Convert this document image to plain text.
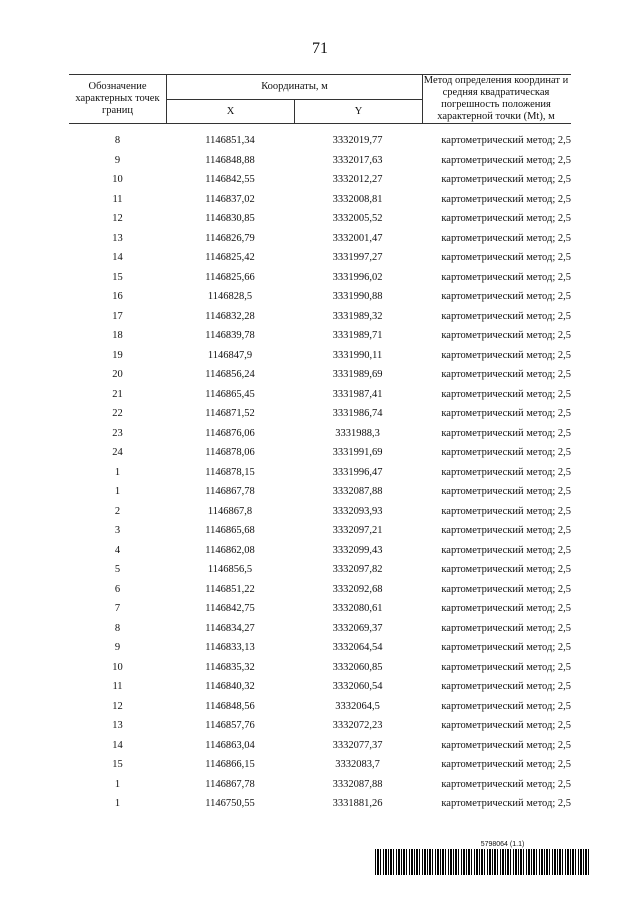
71
Обозначение характерных точек границ
Координаты, м
X	Y
Метод определения координат и средняя квадратическая погрешность положения характерной точки (Mt), м
8	1146851,34	3332019,77	картометрический метод; 2,5
9	1146848,88	3332017,63	картометрический метод; 2,5
10	1146842,55	3332012,27	картометрический метод; 2,5
11	1146837,02	3332008,81	картометрический метод; 2,5
12	1146830,85	3332005,52	картометрический метод; 2,5
13	1146826,79	3332001,47	картометрический метод; 2,5
14	1146825,42	3331997,27	картометрический метод; 2,5
15	1146825,66	3331996,02	картометрический метод; 2,5
16	1146828,5	3331990,88	картометрический метод; 2,5
17	1146832,28	3331989,32	картометрический метод; 2,5
18	1146839,78	3331989,71	картометрический метод; 2,5
19	1146847,9	3331990,11	картометрический метод; 2,5
20	1146856,24	3331989,69	картометрический метод; 2,5
21	1146865,45	3331987,41	картометрический метод; 2,5
22	1146871,52	3331986,74	картометрический метод; 2,5
23	1146876,06	3331988,3	картометрический метод; 2,5
24	1146878,06	3331991,69	картометрический метод; 2,5
1	1146878,15	3331996,47	картометрический метод; 2,5
1	1146867,78	3332087,88	картометрический метод; 2,5
2	1146867,8	3332093,93	картометрический метод; 2,5
3	1146865,68	3332097,21	картометрический метод; 2,5
4	1146862,08	3332099,43	картометрический метод; 2,5
5	1146856,5	3332097,82	картометрический метод; 2,5
6	1146851,22	3332092,68	картометрический метод; 2,5
7	1146842,75	3332080,61	картометрический метод; 2,5
8	1146834,27	3332069,37	картометрический метод; 2,5
9	1146833,13	3332064,54	картометрический метод; 2,5
10	1146835,32	3332060,85	картометрический метод; 2,5
11	1146840,32	3332060,54	картометрический метод; 2,5
12	1146848,56	3332064,5	картометрический метод; 2,5
13	1146857,76	3332072,23	картометрический метод; 2,5
14	1146863,04	3332077,37	картометрический метод; 2,5
15	1146866,15	3332083,7	картометрический метод; 2,5
1	1146867,78	3332087,88	картометрический метод; 2,5
1	1146750,55	3331881,26	картометрический метод; 2,5
5798064 (1.1)
